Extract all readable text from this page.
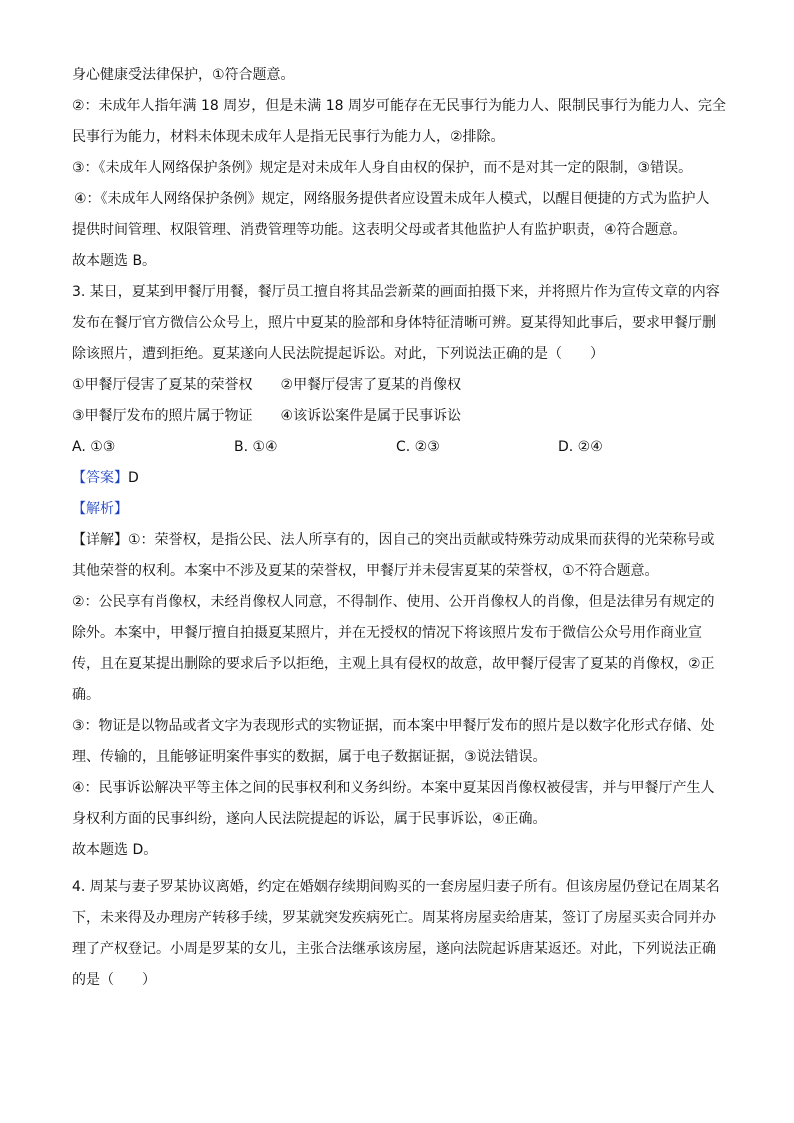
身心健康受法律保护，①符合题意。

②：未成年人指年满 18 周岁，但是未满 18 周岁可能存在无民事行为能力人、限制民事行为能力人、完全

民事行为能力，材料未体现未成年人是指无民事行为能力人，②排除。

③：《未成年人网络保护条例》规定是对未成年人身自由权的保护，而不是对其一定的限制，③错误。

④：《未成年人网络保护条例》规定，网络服务提供者应设置未成年人模式，以醒目便捷的方式为监护人

提供时间管理、权限管理、消费管理等功能。这表明父母或者其他监护人有监护职责，④符合题意。

故本题选 B。

3. 某日，夏某到甲餐厅用餐，餐厅员工擅自将其品尝新菜的画面拍摄下来，并将照片作为宣传文章的内容

发布在餐厅官方微信公众号上，照片中夏某的脸部和身体特征清晰可辨。夏某得知此事后，要求甲餐厅删

除该照片，遭到拒绝。夏某遂向人民法院提起诉讼。对此，下列说法正确的是（　　）

①甲餐厅侵害了夏某的荣誉权　　②甲餐厅侵害了夏某的肖像权

③甲餐厅发布的照片属于物证　　④该诉讼案件是属于民事诉讼

A. ①③	B. ①④	C. ②③	D. ②④

【答案】D

【解析】

【详解】①：荣誉权，是指公民、法人所享有的，因自己的突出贡献或特殊劳动成果而获得的光荣称号或

其他荣誉的权利。本案中不涉及夏某的荣誉权，甲餐厅并未侵害夏某的荣誉权，①不符合题意。

②：公民享有肖像权，未经肖像权人同意，不得制作、使用、公开肖像权人的肖像，但是法律另有规定的

除外。本案中，甲餐厅擅自拍摄夏某照片，并在无授权的情况下将该照片发布于微信公众号用作商业宣

传，且在夏某提出删除的要求后予以拒绝，主观上具有侵权的故意，故甲餐厅侵害了夏某的肖像权，②正

确。

③：物证是以物品或者文字为表现形式的实物证据，而本案中甲餐厅发布的照片是以数字化形式存储、处

理、传输的，且能够证明案件事实的数据，属于电子数据证据，③说法错误。

④：民事诉讼解决平等主体之间的民事权利和义务纠纷。本案中夏某因肖像权被侵害，并与甲餐厅产生人

身权利方面的民事纠纷，遂向人民法院提起的诉讼，属于民事诉讼，④正确。

故本题选 D。

4. 周某与妻子罗某协议离婚，约定在婚姻存续期间购买的一套房屋归妻子所有。但该房屋仍登记在周某名

下，未来得及办理房产转移手续，罗某就突发疾病死亡。周某将房屋卖给唐某，签订了房屋买卖合同并办

理了产权登记。小周是罗某的女儿，主张合法继承该房屋，遂向法院起诉唐某返还。对此，下列说法正确

的是（　　）
